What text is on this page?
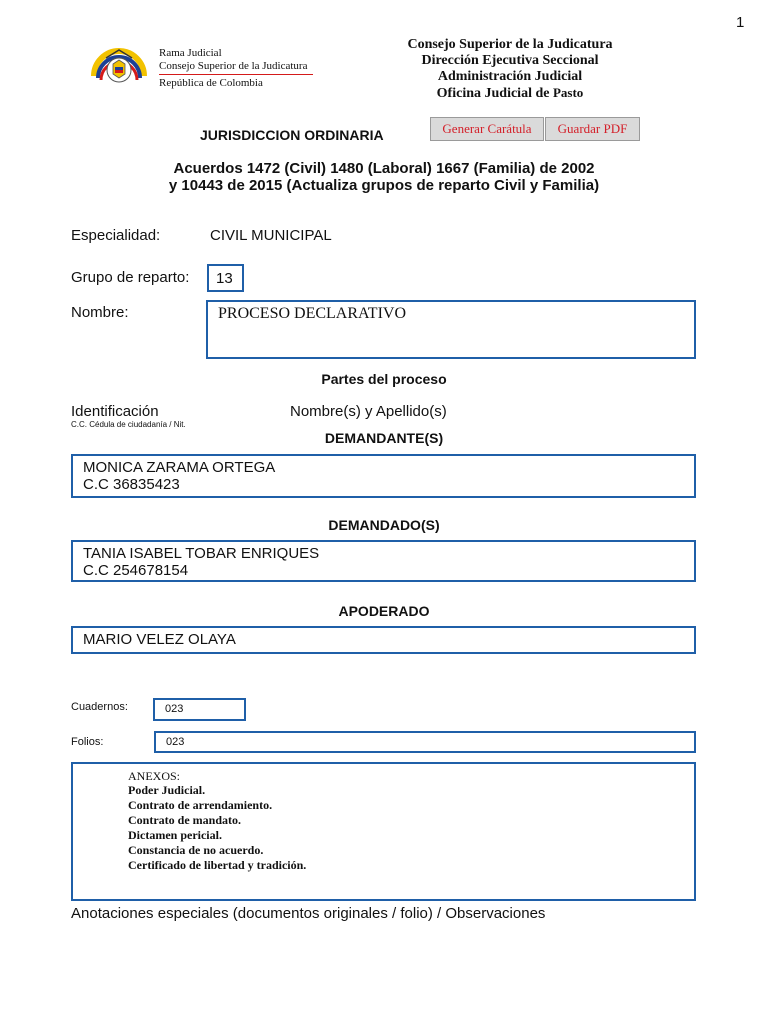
1
Rama Judicial
Consejo Superior de la Judicatura
República de Colombia
Consejo Superior de la Judicatura
Dirección Ejecutiva Seccional
Administración Judicial
Oficina Judicial de Pasto
JURISDICCION ORDINARIA	Generar Carátula	Guardar PDF
Acuerdos 1472 (Civil) 1480 (Laboral) 1667 (Familia) de 2002
y 10443 de 2015 (Actualiza grupos de reparto Civil y Familia)
Especialidad:	CIVIL MUNICIPAL
Grupo de reparto:	13
Nombre:	PROCESO DECLARATIVO
Partes del proceso
Identificación
C.C. Cédula de ciudadanía / Nit.
Nombre(s) y Apellido(s)
DEMANDANTE(S)
MONICA ZARAMA ORTEGA
C.C 36835423
DEMANDADO(S)
TANIA ISABEL TOBAR ENRIQUES
C.C 254678154
APODERADO
MARIO VELEZ OLAYA
Cuadernos:	023
Folios:	023
ANEXOS:
Poder Judicial.
Contrato de arrendamiento.
Contrato de mandato.
Dictamen pericial.
Constancia de no acuerdo.
Certificado de libertad y tradición.
Anotaciones especiales (documentos originales / folio) / Observaciones
